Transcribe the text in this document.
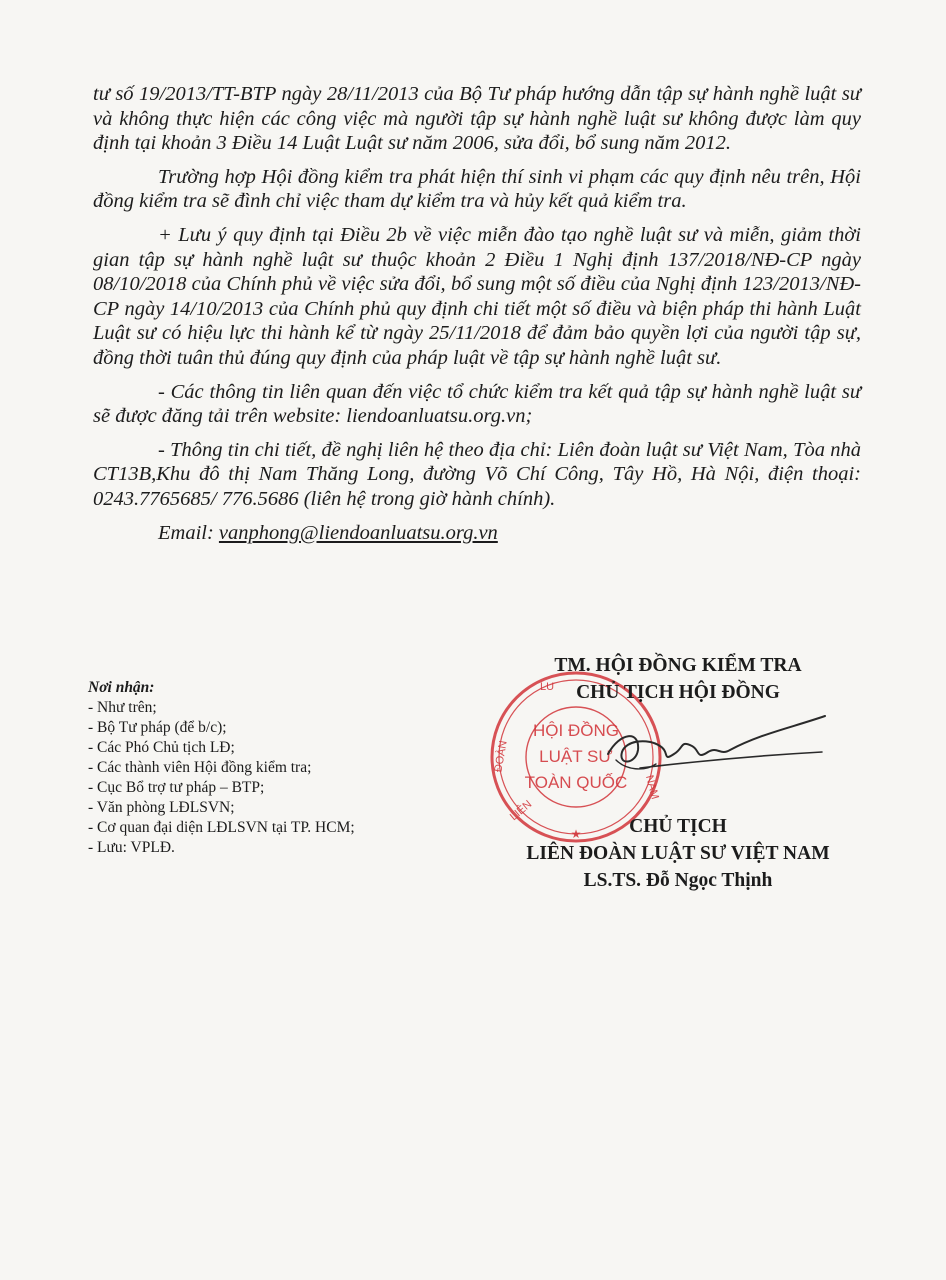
tư số 19/2013/TT-BTP ngày 28/11/2013 của Bộ Tư pháp hướng dẫn tập sự hành nghề luật sư và không thực hiện các công việc mà người tập sự hành nghề luật sư không được làm quy định tại khoản 3 Điều 14 Luật Luật sư năm 2006, sửa đổi, bổ sung năm 2012.

Trường hợp Hội đồng kiểm tra phát hiện thí sinh vi phạm các quy định nêu trên, Hội đồng kiểm tra sẽ đình chỉ việc tham dự kiểm tra và hủy kết quả kiểm tra.

+ Lưu ý quy định tại Điều 2b về việc miễn đào tạo nghề luật sư và miễn, giảm thời gian tập sự hành nghề luật sư thuộc khoản 2 Điều 1 Nghị định 137/2018/NĐ-CP ngày 08/10/2018 của Chính phủ về việc sửa đổi, bổ sung một số điều của Nghị định 123/2013/NĐ-CP ngày 14/10/2013 của Chính phủ quy định chi tiết một số điều và biện pháp thi hành Luật Luật sư có hiệu lực thi hành kể từ ngày 25/11/2018 để đảm bảo quyền lợi của người tập sự, đồng thời tuân thủ đúng quy định của pháp luật về tập sự hành nghề luật sư.

- Các thông tin liên quan đến việc tổ chức kiểm tra kết quả tập sự hành nghề luật sư sẽ được đăng tải trên website: liendoanluatsu.org.vn;

- Thông tin chi tiết, đề nghị liên hệ theo địa chỉ: Liên đoàn luật sư Việt Nam, Tòa nhà CT13B,Khu đô thị Nam Thăng Long, đường Võ Chí Công, Tây Hồ, Hà Nội, điện thoại: 0243.7765685/ 776.5686 (liên hệ trong giờ hành chính).

Email: vanphong@liendoanluatsu.org.vn

Nơi nhận:

- Như trên;

- Bộ Tư pháp (để b/c);

- Các Phó Chủ tịch LĐ;

- Các thành viên Hội đồng kiểm tra;

- Cục Bổ trợ tư pháp – BTP;

- Văn phòng LĐLSVN;

- Cơ quan đại diện LĐLSVN tại TP. HCM;

- Lưu: VPLĐ.

HỘI ĐỒNG
LUẬT SƯ
TOÀN QUỐC
LU
ĐOÀN
LIÊN
NAM
★

TM. HỘI ĐỒNG KIỂM TRA

CHỦ TỊCH HỘI ĐỒNG

CHỦ TỊCH

LIÊN ĐOÀN LUẬT SƯ VIỆT NAM

LS.TS. Đỗ Ngọc Thịnh
